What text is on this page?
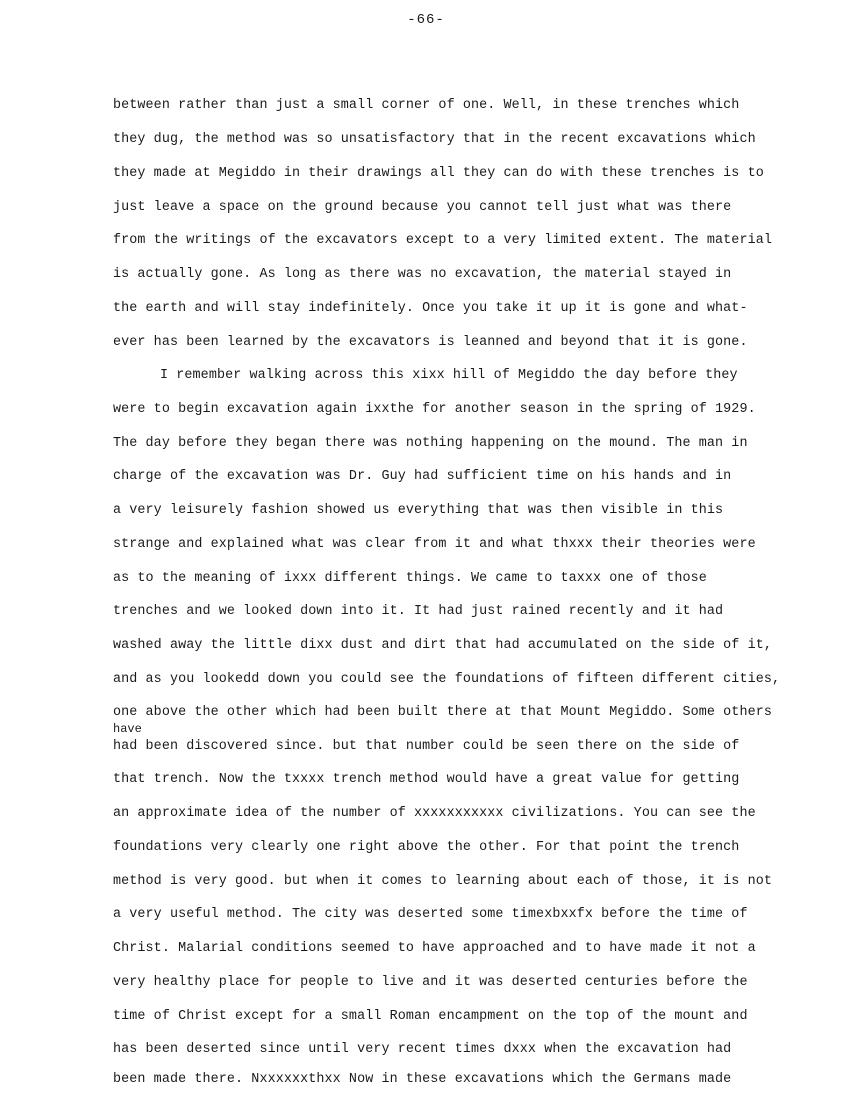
-66-
between rather than just a small corner of one. Well, in these trenches which
they dug, the method was so unsatisfactory that in the recent excavations which
they made at Megiddo in their drawings all they can do with these trenches is to
just leave a space on the ground because you cannot tell just what was there
from the writings of the excavators except to a very limited extent. The material
is actually gone. As long as there was no excavation, the material stayed in
the earth and will stay indefinitely. Once you take it up it is gone and what-
ever has been learned by the excavators is leanned and beyond that it is gone.
I remember walking across this xixx hill of Megiddo the day before they
were to begin excavation again ixxthe for another season in the spring of 1929.
The day before they began there was nothing happening on the mound. The man in
charge of the excavation was Dr. Guy had sufficient time on his hands and in
a very leisurely fashion showed us everything that was then visible in this
strange and explained what was clear from it and what thxxx their theories were
as to the meaning of ixxx different things. We came to taxxx one of those
trenches and we looked down into it. It had just rained recently and it had
washed away the little dixx dust and dirt that had accumulated on the side of it,
and as you lookedd down you could see the foundations of fifteen different cities,
one above the other which had been built there at that Mount Megiddo. Some others
have
had been discovered since. but that number could be seen there on the side of
that trench. Now the txxxx trench method would have a great value for getting
an approximate idea of the number of xxxxxxxxxxx civilizations. You can see the
foundations very clearly one right above the other. For that point the trench
method is very good. but when it comes to learning about each of those, it is not
a very useful method. The city was deserted some timexbxxfx before the time of
Christ. Malarial conditions seemed to have approached and to have made it not a
very healthy place for people to live and it was deserted centuries before the
time of Christ except for a small Roman encampment on the top of the mount and
has been deserted since until very recent times dxxx when the excavation had
been made there. Nxxxxxxthxx Now in these excavations which the Germans made
